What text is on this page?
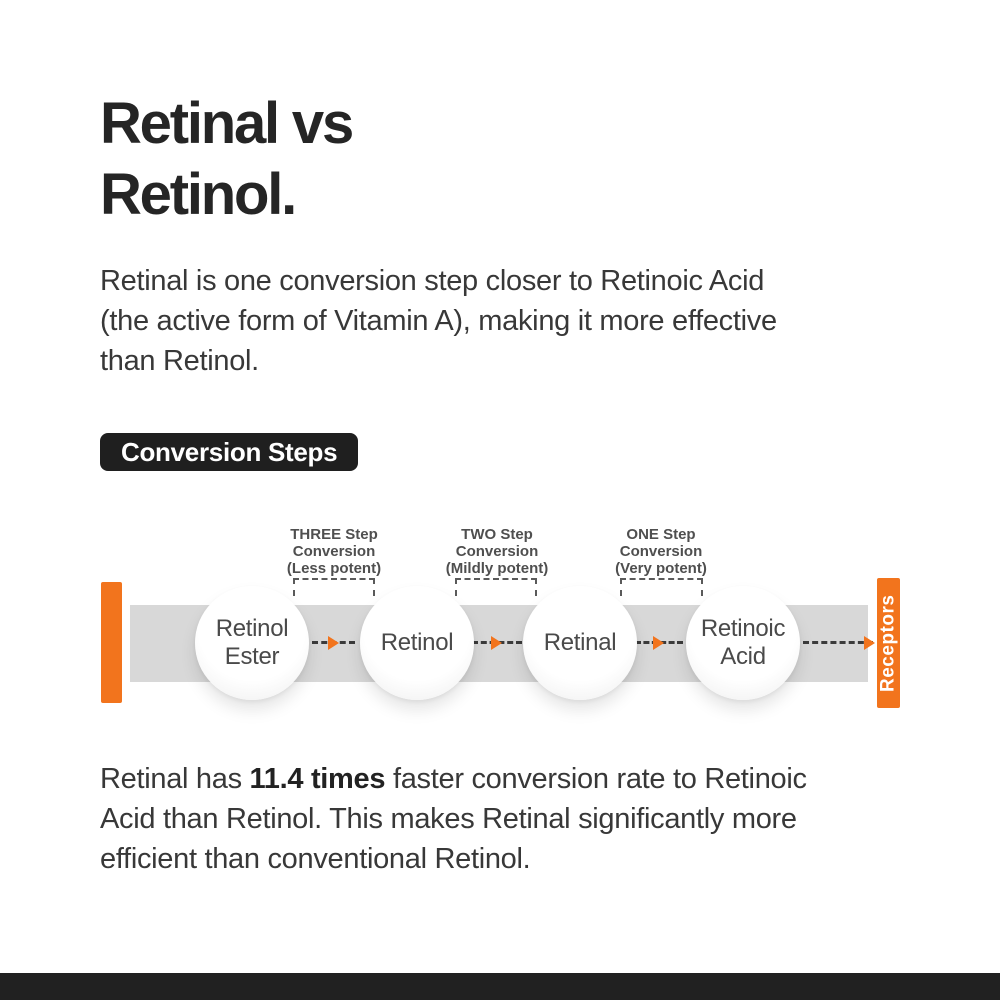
Retinal vs
Retinol.
Retinal is one conversion step closer to Retinoic Acid
(the active form of Vitamin A), making it more effective
than Retinol.
Conversion Steps
THREE Step
Conversion
(Less potent)
TWO Step
Conversion
(Mildly potent)
ONE Step
Conversion
(Very potent)
Receptors
Retinol Ester
Retinol	Retinal
Retinoic Acid
Retinal has 11.4 times faster conversion rate to Retinoic
Acid than Retinol. This makes Retinal significantly more
efficient than conventional Retinol.
